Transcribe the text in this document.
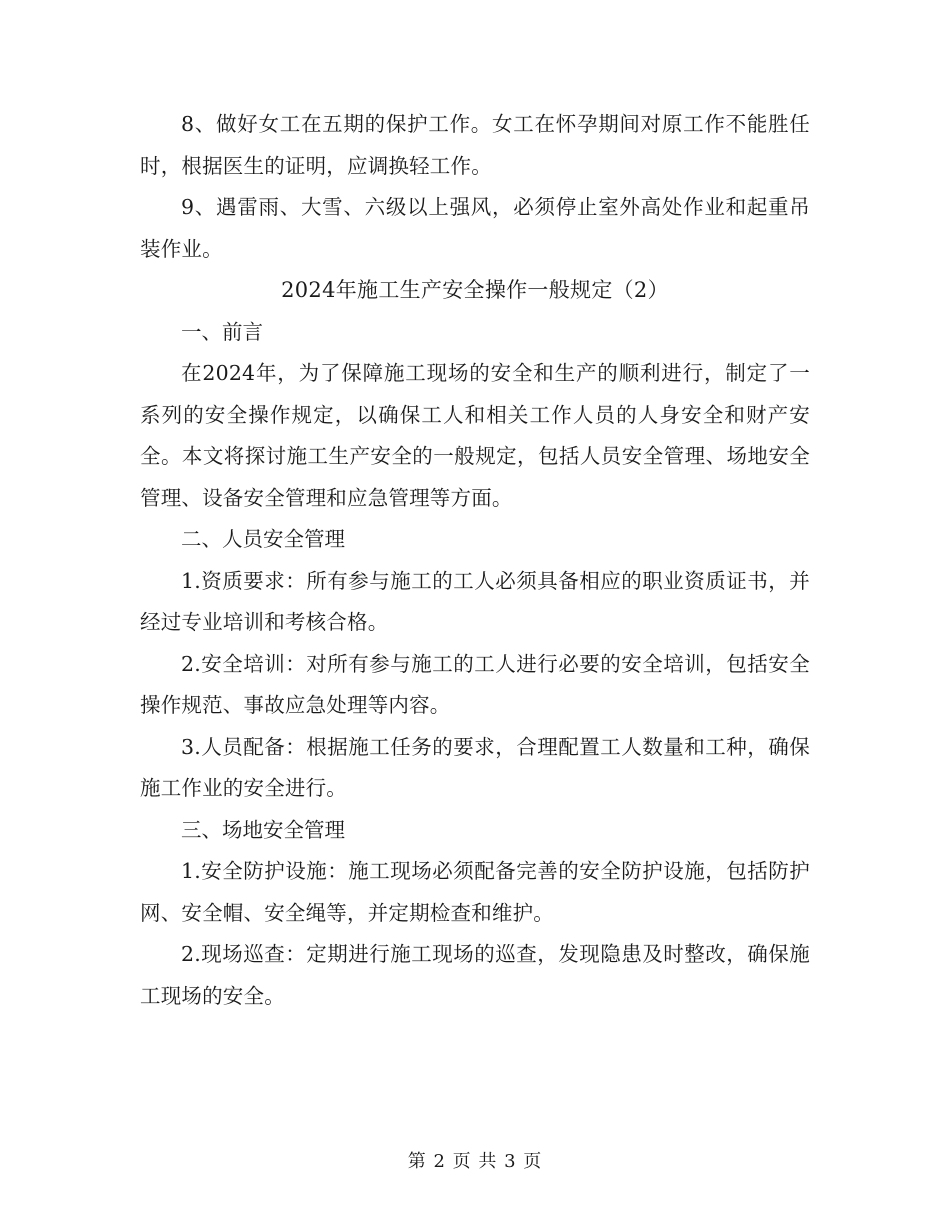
8、做好女工在五期的保护工作。女工在怀孕期间对原工作不能胜任时，根据医生的证明，应调换轻工作。

9、遇雷雨、大雪、六级以上强风，必须停止室外高处作业和起重吊装作业。

2024年施工生产安全操作一般规定（2）

一、前言

在2024年，为了保障施工现场的安全和生产的顺利进行，制定了一系列的安全操作规定，以确保工人和相关工作人员的人身安全和财产安全。本文将探讨施工生产安全的一般规定，包括人员安全管理、场地安全管理、设备安全管理和应急管理等方面。

二、人员安全管理

1.资质要求：所有参与施工的工人必须具备相应的职业资质证书，并经过专业培训和考核合格。

2.安全培训：对所有参与施工的工人进行必要的安全培训，包括安全操作规范、事故应急处理等内容。

3.人员配备：根据施工任务的要求，合理配置工人数量和工种，确保施工作业的安全进行。

三、场地安全管理

1.安全防护设施：施工现场必须配备完善的安全防护设施，包括防护网、安全帽、安全绳等，并定期检查和维护。

2.现场巡查：定期进行施工现场的巡查，发现隐患及时整改，确保施工现场的安全。

第 2 页 共 3 页
